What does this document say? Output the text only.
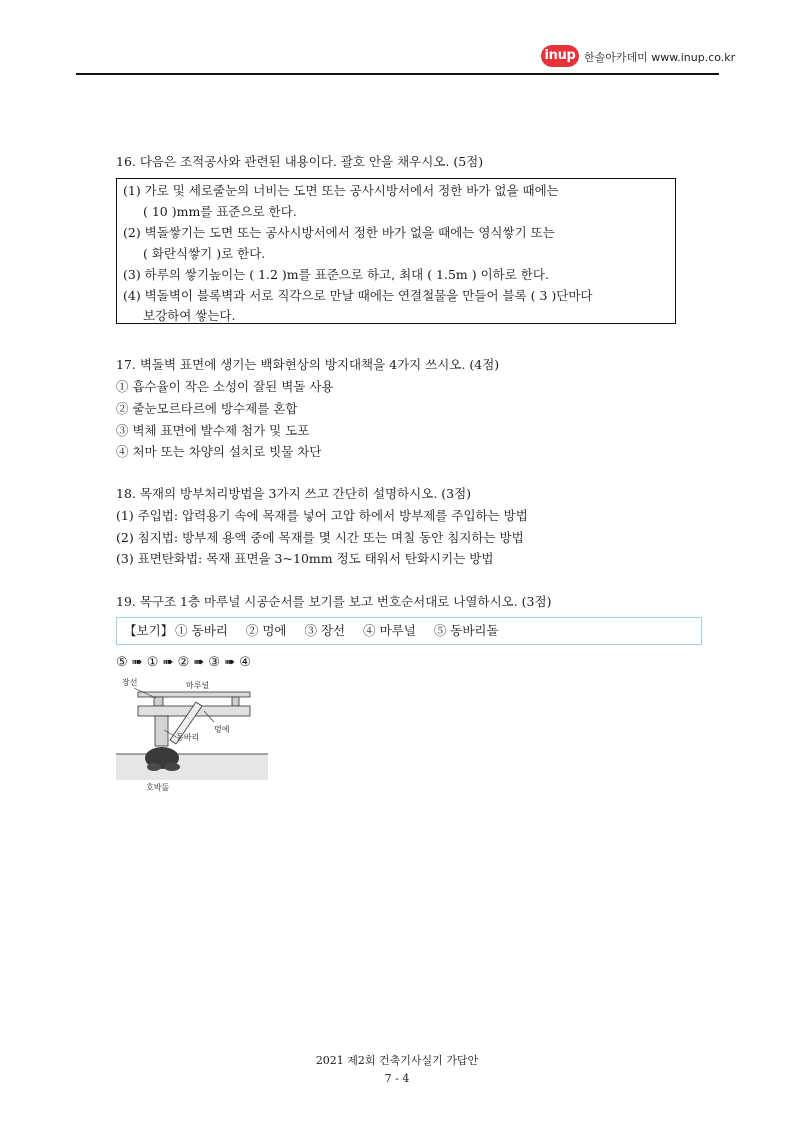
inup 한솔아카데미 www.inup.co.kr
16. 다음은 조적공사와 관련된 내용이다. 괄호 안을 채우시오. (5점)
(1) 가로 및 세로줄눈의 너비는 도면 또는 공사시방서에서 정한 바가 없을 때에는
( 10 )mm를 표준으로 한다.
(2) 벽돌쌓기는 도면 또는 공사시방서에서 정한 바가 없을 때에는 영식쌓기 또는
( 화란식쌓기 )로 한다.
(3) 하루의 쌓기높이는 ( 1.2 )m를 표준으로 하고, 최대 ( 1.5m ) 이하로 한다.
(4) 벽돌벽이 블록벽과 서로 직각으로 만날 때에는 연결철물을 만들어 블록 ( 3 )단마다
보강하여 쌓는다.
17. 벽돌벽 표면에 생기는 백화현상의 방지대책을 4가지 쓰시오. (4점)
① 흡수율이 작은 소성이 잘된 벽돌 사용
② 줄눈모르타르에 방수제를 혼합
③ 벽체 표면에 발수제 첨가 및 도포
④ 처마 또는 차양의 설치로 빗물 차단
18. 목재의 방부처리방법을 3가지 쓰고 간단히 설명하시오. (3점)
(1) 주입법: 압력용기 속에 목재를 넣어 고압 하에서 방부제를 주입하는 방법
(2) 침지법: 방부제 용액 중에 목재를 몇 시간 또는 며칠 동안 침지하는 방법
(3) 표면탄화법: 목재 표면을 3~10mm 정도 태워서 탄화시키는 방법
19. 목구조 1층 마루널 시공순서를 보기를 보고 번호순서대로 나열하시오. (3점)
【보기】 ① 동바리 ② 멍에 ③ 장선 ④ 마루널 ⑤ 동바리돌
⑤ ➠ ① ➠ ② ➠ ③ ➠ ④
장선	마루널
멍에
동바리
호박돌
2021 제2회 건축기사실기 가답안
7 - 4
